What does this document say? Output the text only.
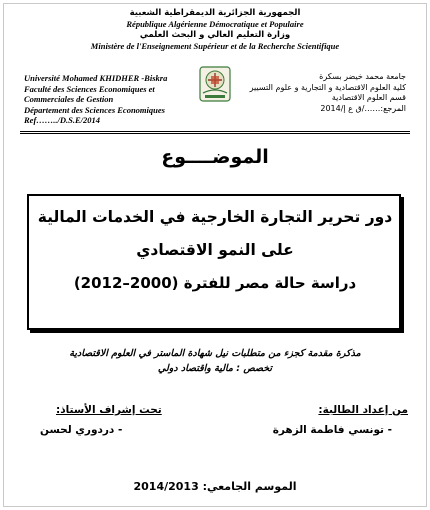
الجمهورية الجزائرية الديمقراطية الشعبية
République Algérienne Démocratique et Populaire
وزارة التعليم العالي و البحث العلمي
Ministère de l'Enseignement Supérieur et de la Recherche Scientifique
Université Mohamed KHIDHER -Biskra
Faculté des Sciences Economiques et
Commerciales de Gestion
Département des Sciences Economiques
Ref……../D.S.E/2014
جامعة محمد خيضر بسكرة
كلية العلوم الاقتصادية و التجارية و علوم التسيير
قسم العلوم الاقتصادية
المرجع:……/ق ع إ/2014
الموضــــوع
دور تحرير التجارة الخارجية في الخدمات المالية
على النمو الاقتصادي
دراسة حالة مصر للفترة (2000–2012)
مذكرة مقدمة كجزء من متطلبات نيل شهادة الماستر في العلوم الاقتصادية
تخصص : مالية واقتصاد دولي
من إعداد الطالبة:
- تونسي فاطمة الزهرة
تحت إشراف الأستاذ:
- دردوري لحسن
الموسم الجامعي: 2014/2013
